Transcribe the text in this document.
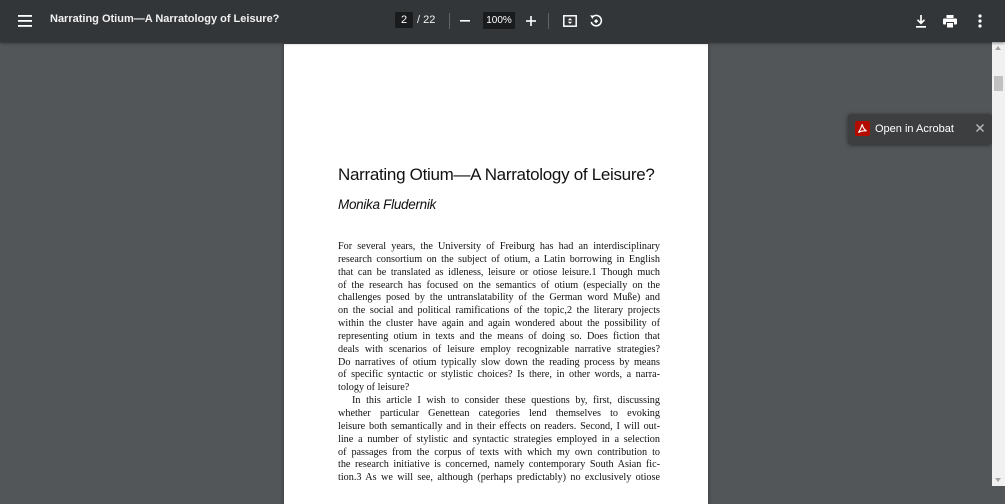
Narrating Otium—A Narratology of Leisure?
2	/ 22
100%
Narrating Otium—A Narratology of Leisure?
Monika Fludernik
For several years, the University of Freiburg has had an interdisciplinary
research consortium on the subject of otium, a Latin borrowing in English
that can be translated as idleness, leisure or otiose leisure.1 Though much
of the research has focused on the semantics of otium (especially on the
challenges posed by the untranslatability of the German word Muße) and
on the social and political ramifications of the topic,2 the literary projects
within the cluster have again and again wondered about the possibility of
representing otium in texts and the means of doing so. Does fiction that
deals with scenarios of leisure employ recognizable narrative strategies?
Do narratives of otium typically slow down the reading process by means
of specific syntactic or stylistic choices? Is there, in other words, a narra-
tology of leisure?
In this article I wish to consider these questions by, first, discussing
whether particular Genettean categories lend themselves to evoking
leisure both semantically and in their effects on readers. Second, I will out-
line a number of stylistic and syntactic strategies employed in a selection
of passages from the corpus of texts with which my own contribution to
the research initiative is concerned, namely contemporary South Asian fic-
tion.3 As we will see, although (perhaps predictably) no exclusively otiose
Open in Acrobat
